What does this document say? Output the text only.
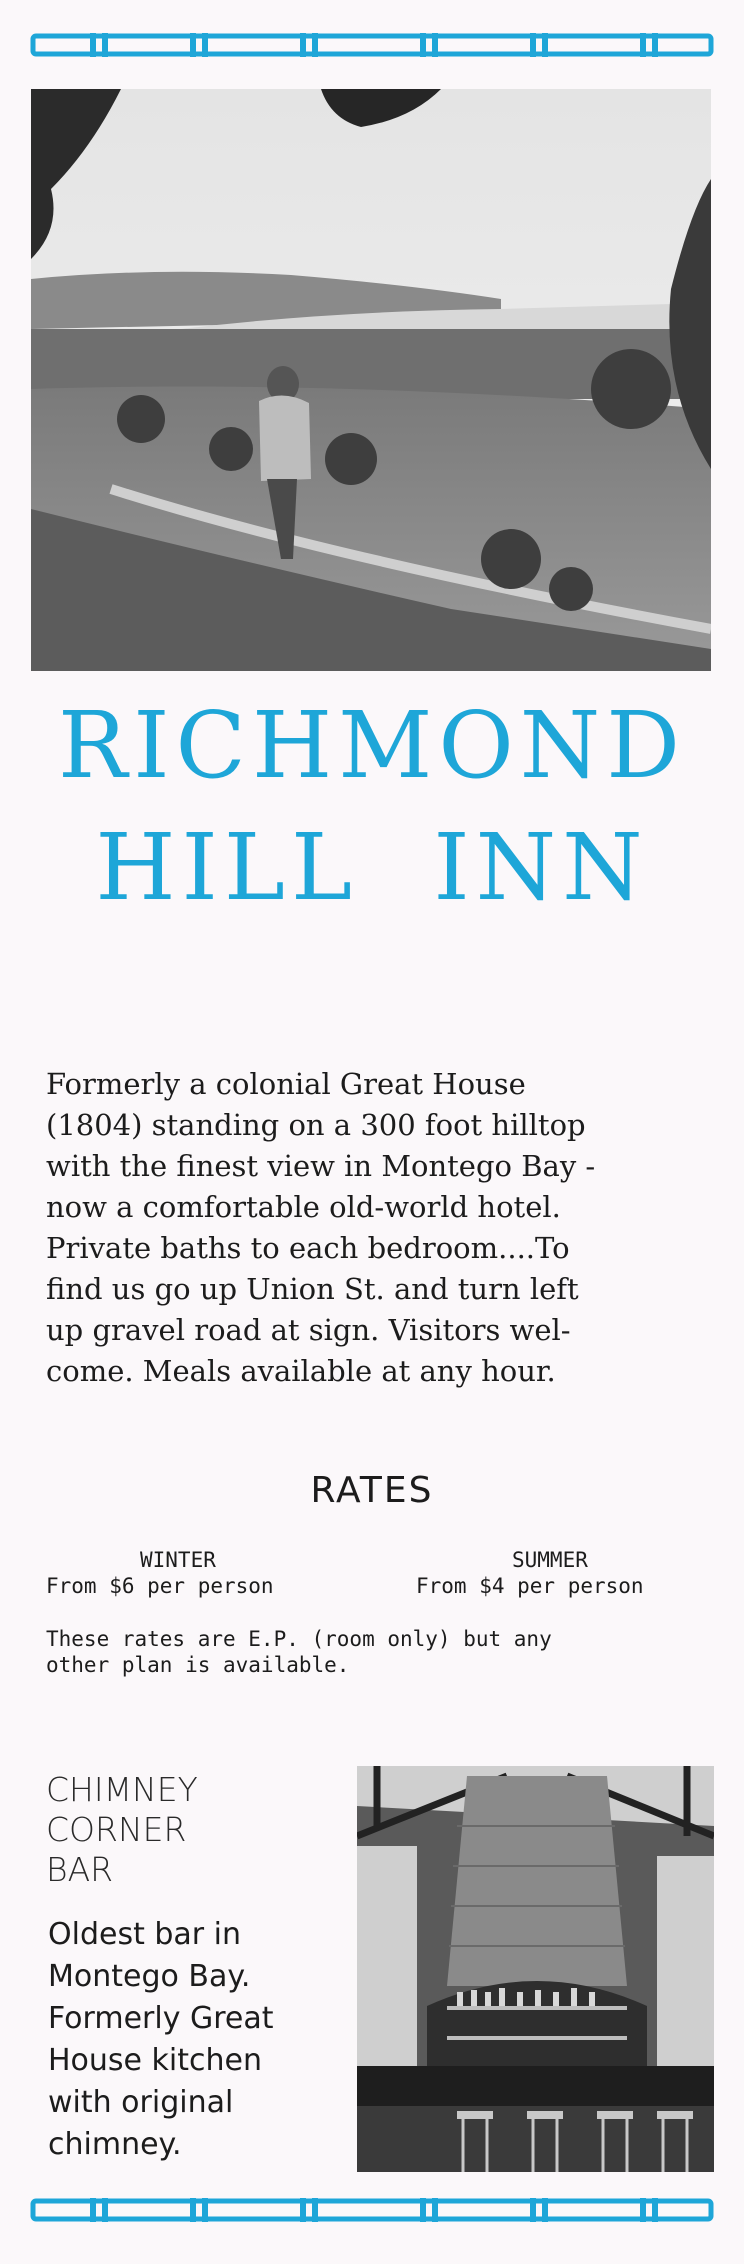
RICHMOND
HILL INN

Formerly a colonial Great House

(1804) standing on a 300 foot hilltop

with the finest view in Montego Bay -

now a comfortable old-world hotel.

Private baths to each bedroom....To

find us go up Union St. and turn left

up gravel road at sign. Visitors wel-

come. Meals available at any hour.

RATES
WINTER	SUMMER
From $6 per person	From $4 per person
These rates are E.P. (room only) but any
other plan is available.
CHIMNEY
CORNER
BAR
Oldest bar in
Montego Bay.
Formerly Great
House kitchen
with original
chimney.
